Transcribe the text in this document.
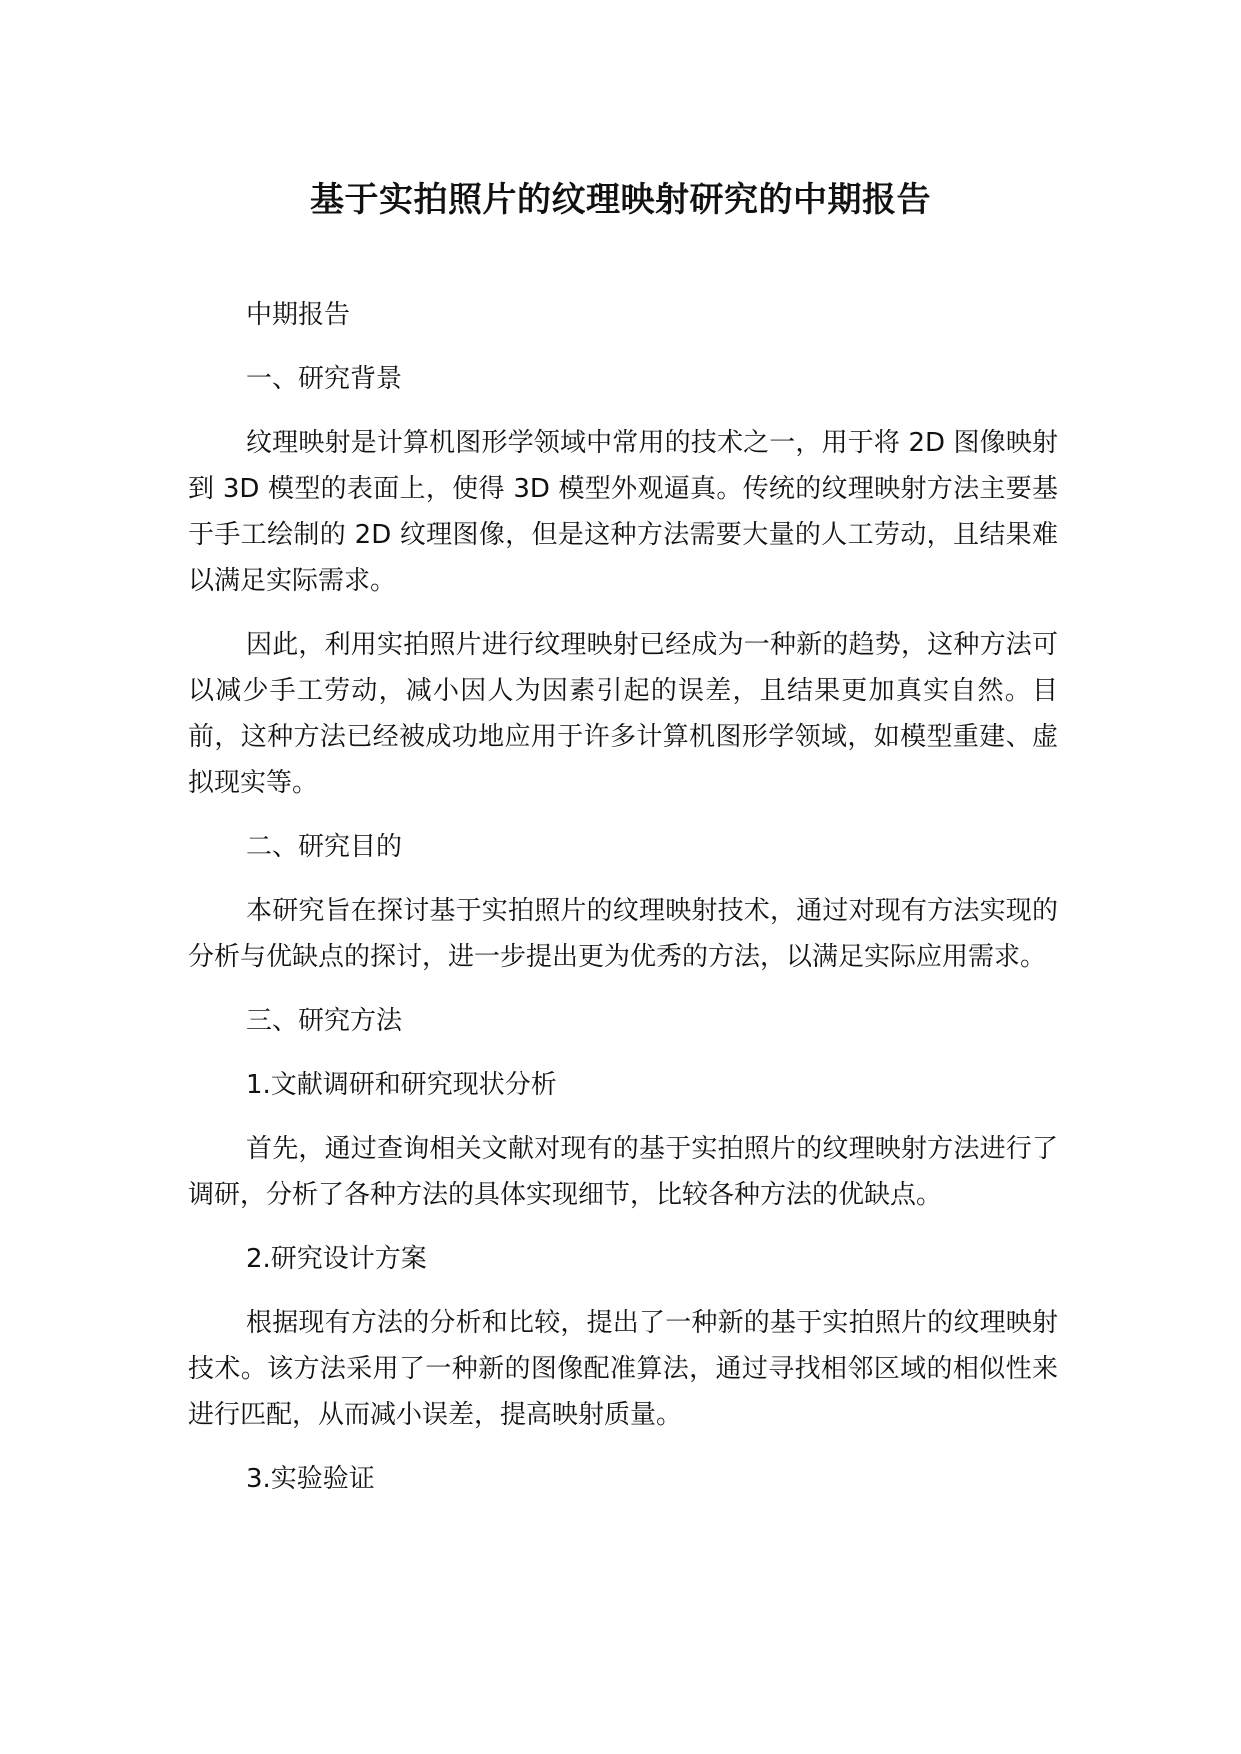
基于实拍照片的纹理映射研究的中期报告

中期报告

一、研究背景

纹理映射是计算机图形学领域中常用的技术之一，用于将 2D 图像映射到 3D 模型的表面上，使得 3D 模型外观逼真。传统的纹理映射方法主要基于手工绘制的 2D 纹理图像，但是这种方法需要大量的人工劳动，且结果难以满足实际需求。

因此，利用实拍照片进行纹理映射已经成为一种新的趋势，这种方法可以减少手工劳动，减小因人为因素引起的误差，且结果更加真实自然。目前，这种方法已经被成功地应用于许多计算机图形学领域，如模型重建、虚拟现实等。

二、研究目的

本研究旨在探讨基于实拍照片的纹理映射技术，通过对现有方法实现的分析与优缺点的探讨，进一步提出更为优秀的方法，以满足实际应用需求。

三、研究方法

1.文献调研和研究现状分析

首先，通过查询相关文献对现有的基于实拍照片的纹理映射方法进行了调研，分析了各种方法的具体实现细节，比较各种方法的优缺点。

2.研究设计方案

根据现有方法的分析和比较，提出了一种新的基于实拍照片的纹理映射技术。该方法采用了一种新的图像配准算法，通过寻找相邻区域的相似性来进行匹配，从而减小误差，提高映射质量。

3.实验验证
